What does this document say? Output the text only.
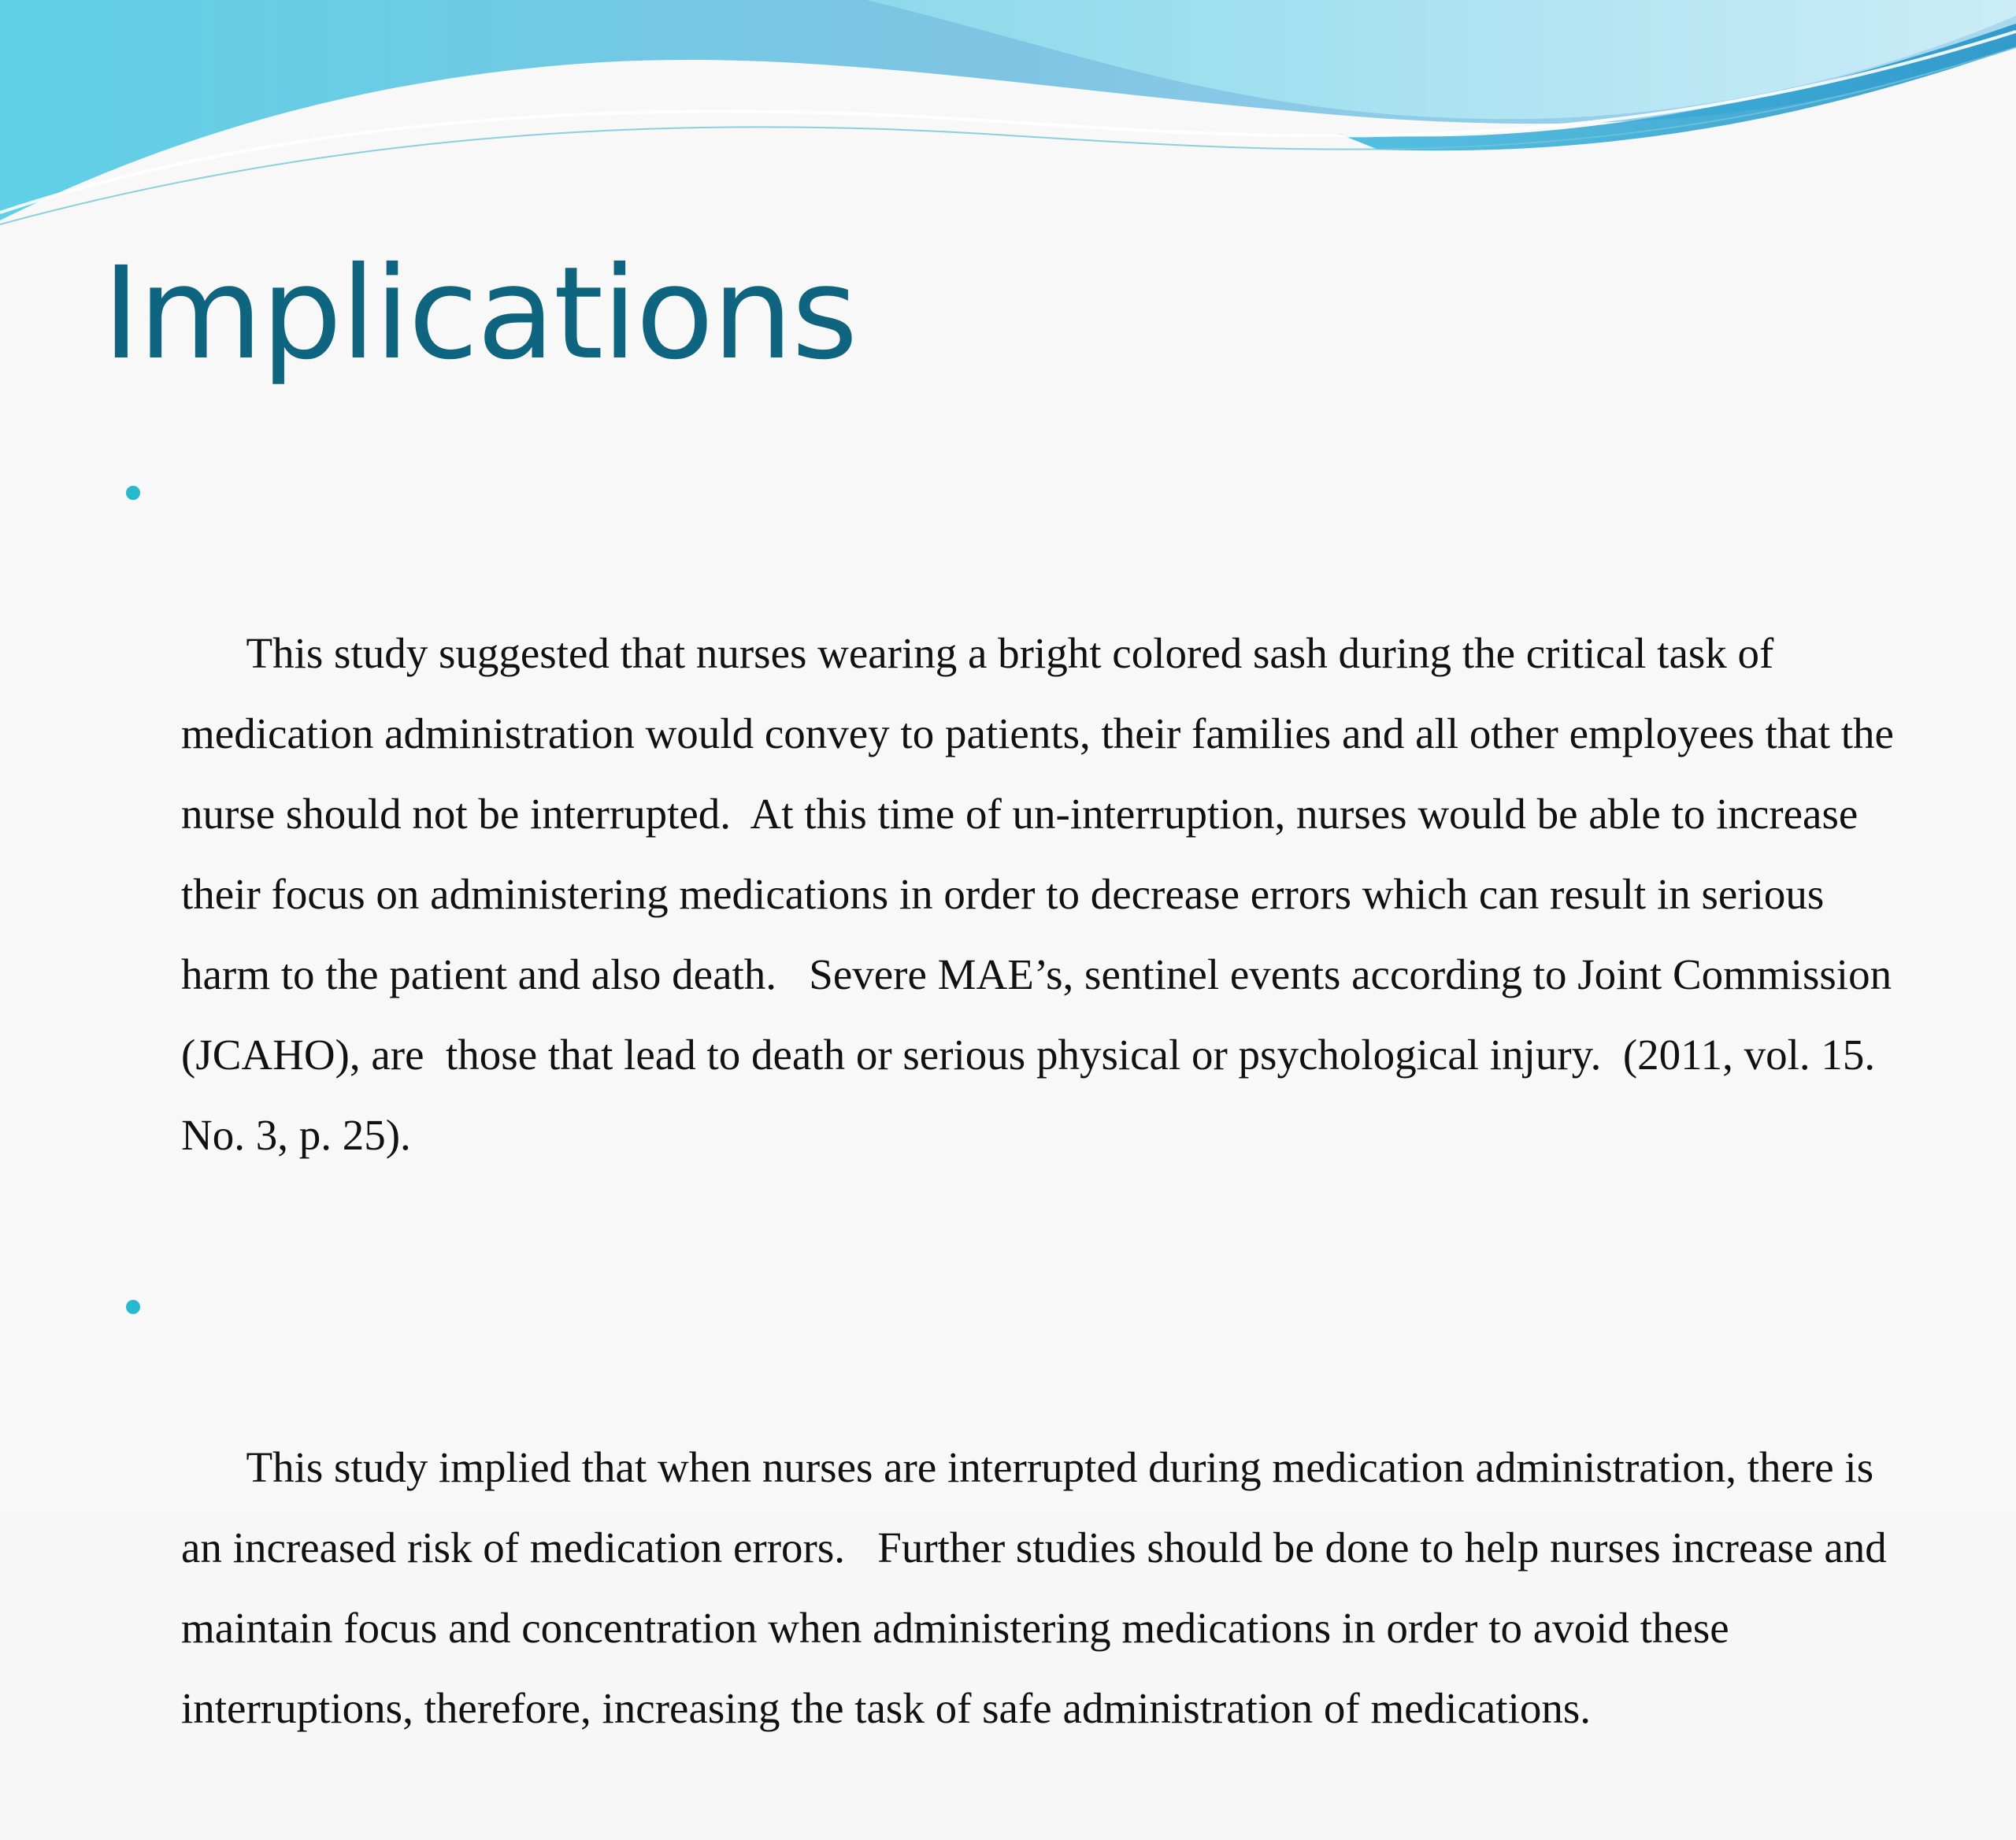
Implications

This study suggested that nurses wearing a bright colored sash during the critical task of medication administration would convey to patients, their families and all other employees that the nurse should not be interrupted.  At this time of un-interruption, nurses would be able to increase their focus on administering medications in order to decrease errors which can result in serious harm to the patient and also death.   Severe MAE’s, sentinel events according to Joint Commission (JCAHO), are  those that lead to death or serious physical or psychological injury.  (2011, vol. 15. No. 3, p. 25).

This study implied that when nurses are interrupted during medication administration, there is an increased risk of medication errors.   Further studies should be done to help nurses increase and maintain focus and concentration when administering medications in order to avoid these interruptions, therefore, increasing the task of safe administration of medications.
